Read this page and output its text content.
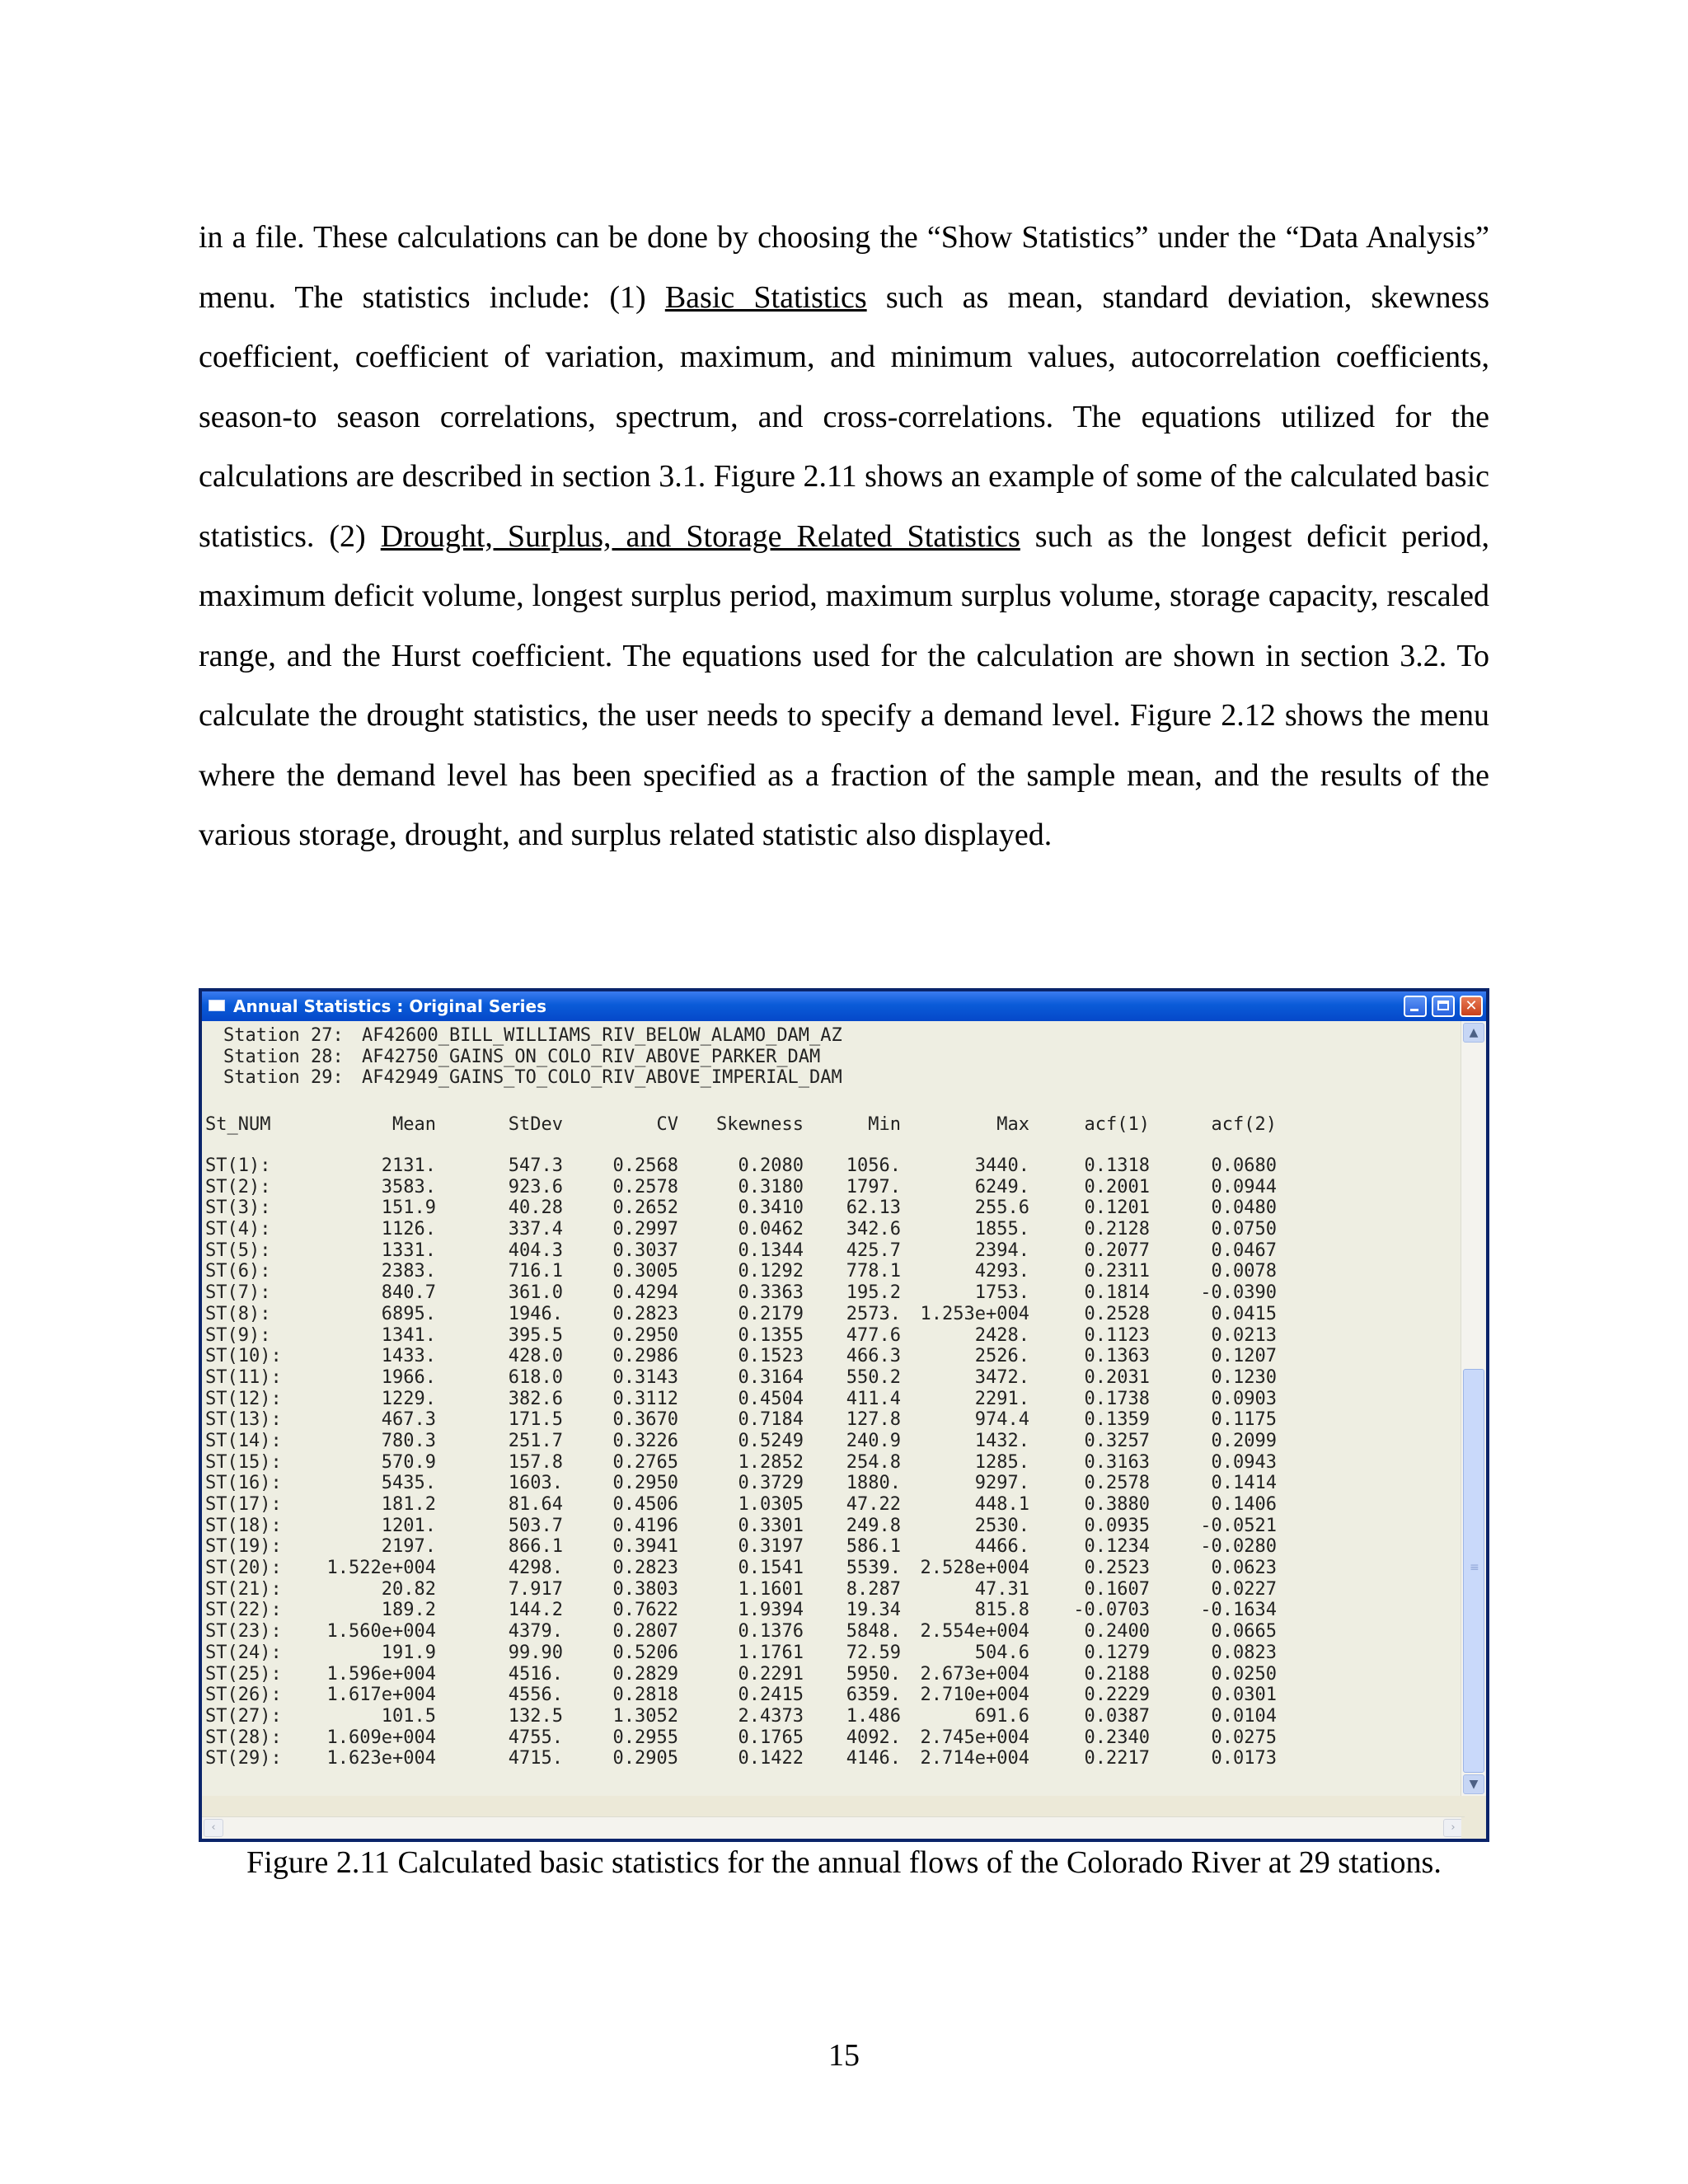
in a file. These calculations can be done by choosing the “Show Statistics” under the “Data Analysis” menu. The statistics include: (1) Basic Statistics such as mean, standard deviation, skewness coefficient, coefficient of variation, maximum, and minimum values, autocorrelation coefficients, season-to season correlations, spectrum, and cross-correlations. The equations utilized for the calculations are described in section 3.1. Figure 2.11 shows an example of some of the calculated basic statistics. (2) Drought, Surplus, and Storage Related Statistics such as the longest deficit period, maximum deficit volume, longest surplus period, maximum surplus volume, storage capacity, rescaled range, and the Hurst coefficient. The equations used for the calculation are shown in section 3.2. To calculate the drought statistics, the user needs to specify a demand level. Figure 2.12 shows the menu where the demand level has been specified as a fraction of the sample mean, and the results of the various storage, drought, and surplus related statistic also displayed.
Annual Statistics : Original Series	✕
Station 27: AF42600_BILL_WILLIAMS_RIV_BELOW_ALAMO_DAM_AZ
Station 28: AF42750_GAINS_ON_COLO_RIV_ABOVE_PARKER_DAM
Station 29: AF42949_GAINS_TO_COLO_RIV_ABOVE_IMPERIAL_DAM
St_NUM	Mean	StDev	CV Skewness	Min	Max	acf(1)	acf(2)
ST(1):	2131.	547.3	0.2568	0.2080 1056.	3440.	0.1318	0.0680
ST(2):	3583.	923.6	0.2578	0.3180 1797.	6249.	0.2001	0.0944
ST(3):	151.9	40.28	0.2652	0.3410 62.13	255.6	0.1201	0.0480
ST(4):	1126.	337.4	0.2997	0.0462 342.6	1855.	0.2128	0.0750
ST(5):	1331.	404.3	0.3037	0.1344 425.7	2394.	0.2077	0.0467
ST(6):	2383.	716.1	0.3005	0.1292 778.1	4293.	0.2311	0.0078
ST(7):	840.7	361.0	0.4294	0.3363 195.2	1753.	0.1814	-0.0390
ST(8):	6895.	1946.	0.2823	0.2179 2573. 1.253e+004	0.2528	0.0415
ST(9):	1341.	395.5	0.2950	0.1355 477.6	2428.	0.1123	0.0213
ST(10):	1433.	428.0	0.2986	0.1523 466.3	2526.	0.1363	0.1207
ST(11):	1966.	618.0	0.3143	0.3164 550.2	3472.	0.2031	0.1230
ST(12):	1229.	382.6	0.3112	0.4504 411.4	2291.	0.1738	0.0903
ST(13):	467.3	171.5	0.3670	0.7184 127.8	974.4	0.1359	0.1175
ST(14):	780.3	251.7	0.3226	0.5249 240.9	1432.	0.3257	0.2099
ST(15):	570.9	157.8	0.2765	1.2852 254.8	1285.	0.3163	0.0943
ST(16):	5435.	1603.	0.2950	0.3729 1880.	9297.	0.2578	0.1414
ST(17):	181.2	81.64	0.4506	1.0305 47.22	448.1	0.3880	0.1406
ST(18):	1201.	503.7	0.4196	0.3301 249.8	2530.	0.0935	-0.0521
ST(19):	2197.	866.1	0.3941	0.3197 586.1	4466.	0.1234	-0.0280
ST(20): 1.522e+004	4298.	0.2823	0.1541 5539. 2.528e+004	0.2523	0.0623
ST(21):	20.82	7.917	0.3803	1.1601 8.287	47.31	0.1607	0.0227
ST(22):	189.2	144.2	0.7622	1.9394 19.34	815.8 -0.0703	-0.1634
ST(23): 1.560e+004	4379.	0.2807	0.1376 5848. 2.554e+004	0.2400	0.0665
ST(24):	191.9	99.90	0.5206	1.1761 72.59	504.6	0.1279	0.0823
ST(25): 1.596e+004	4516.	0.2829	0.2291 5950. 2.673e+004	0.2188	0.0250
ST(26): 1.617e+004	4556.	0.2818	0.2415 6359. 2.710e+004	0.2229	0.0301
ST(27):	101.5	132.5	1.3052	2.4373 1.486	691.6	0.0387	0.0104
ST(28): 1.609e+004	4755.	0.2955	0.1765 4092. 2.745e+004	0.2340	0.0275
ST(29): 1.623e+004	4715.	0.2905	0.1422 4146. 2.714e+004	0.2217	0.0173
▲
≡
▼
‹	›
Figure 2.11 Calculated basic statistics for the annual flows of the Colorado River at 29 stations.
15
